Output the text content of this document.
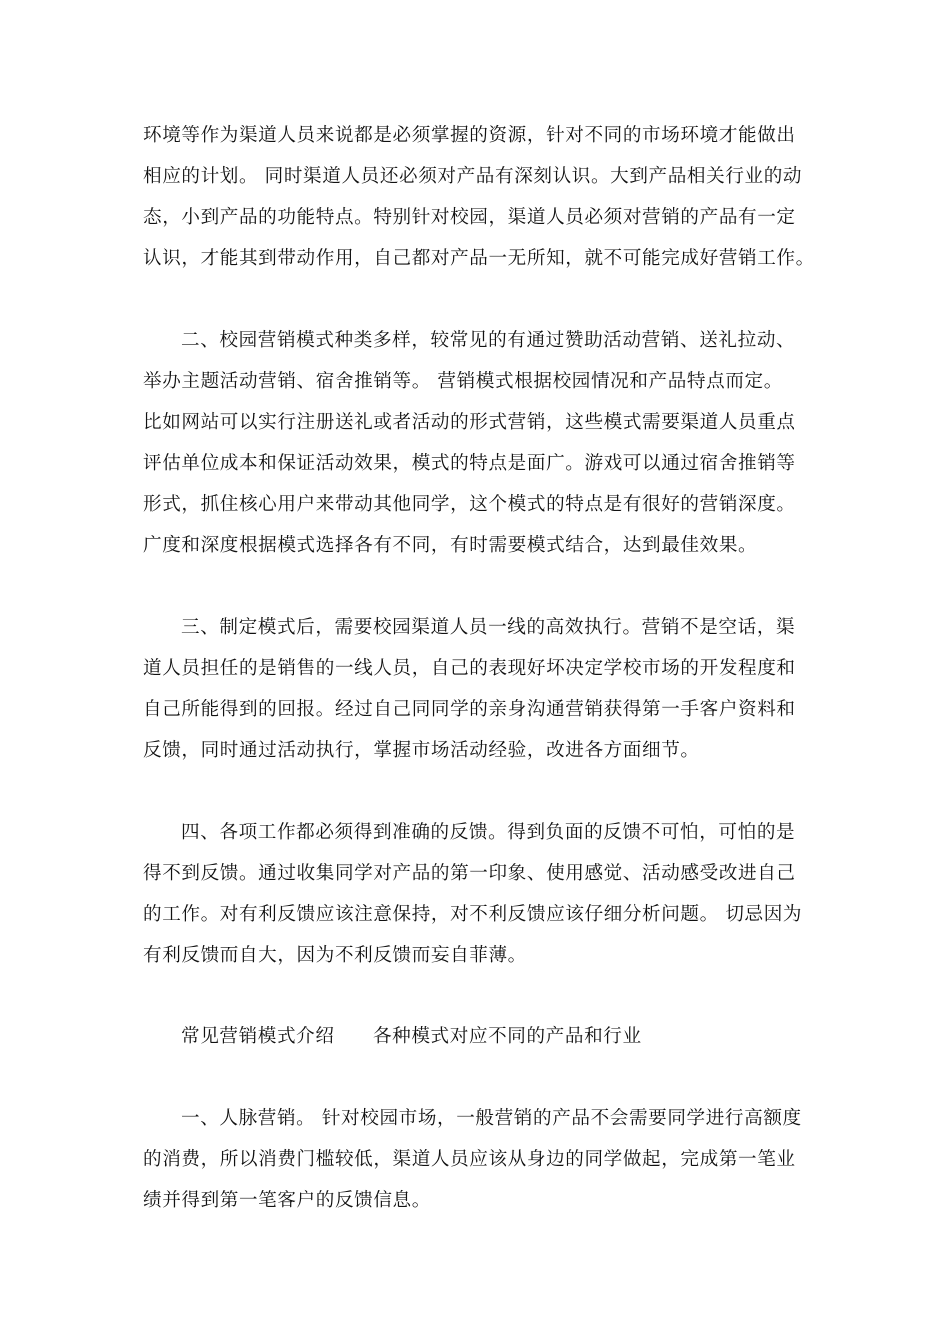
环境等作为渠道人员来说都是必须掌握的资源，针对不同的市场环境才能做出
相应的计划。 同时渠道人员还必须对产品有深刻认识。大到产品相关行业的动
态，小到产品的功能特点。特别针对校园，渠道人员必须对营销的产品有一定
认识，才能其到带动作用，自己都对产品一无所知，就不可能完成好营销工作。
二、校园营销模式种类多样，较常见的有通过赞助活动营销、送礼拉动、
举办主题活动营销、宿舍推销等。 营销模式根据校园情况和产品特点而定。
比如网站可以实行注册送礼或者活动的形式营销，这些模式需要渠道人员重点
评估单位成本和保证活动效果，模式的特点是面广。游戏可以通过宿舍推销等
形式，抓住核心用户来带动其他同学，这个模式的特点是有很好的营销深度。
广度和深度根据模式选择各有不同，有时需要模式结合，达到最佳效果。
三、制定模式后，需要校园渠道人员一线的高效执行。营销不是空话，渠
道人员担任的是销售的一线人员，自己的表现好坏决定学校市场的开发程度和
自己所能得到的回报。经过自己同同学的亲身沟通营销获得第一手客户资料和
反馈，同时通过活动执行，掌握市场活动经验，改进各方面细节。
四、各项工作都必须得到准确的反馈。得到负面的反馈不可怕，可怕的是
得不到反馈。通过收集同学对产品的第一印象、使用感觉、活动感受改进自己
的工作。对有利反馈应该注意保持，对不利反馈应该仔细分析问题。 切忌因为
有利反馈而自大，因为不利反馈而妄自菲薄。
常见营销模式介绍　　各种模式对应不同的产品和行业
一、人脉营销。 针对校园市场，一般营销的产品不会需要同学进行高额度
的消费，所以消费门槛较低，渠道人员应该从身边的同学做起，完成第一笔业
绩并得到第一笔客户的反馈信息。
